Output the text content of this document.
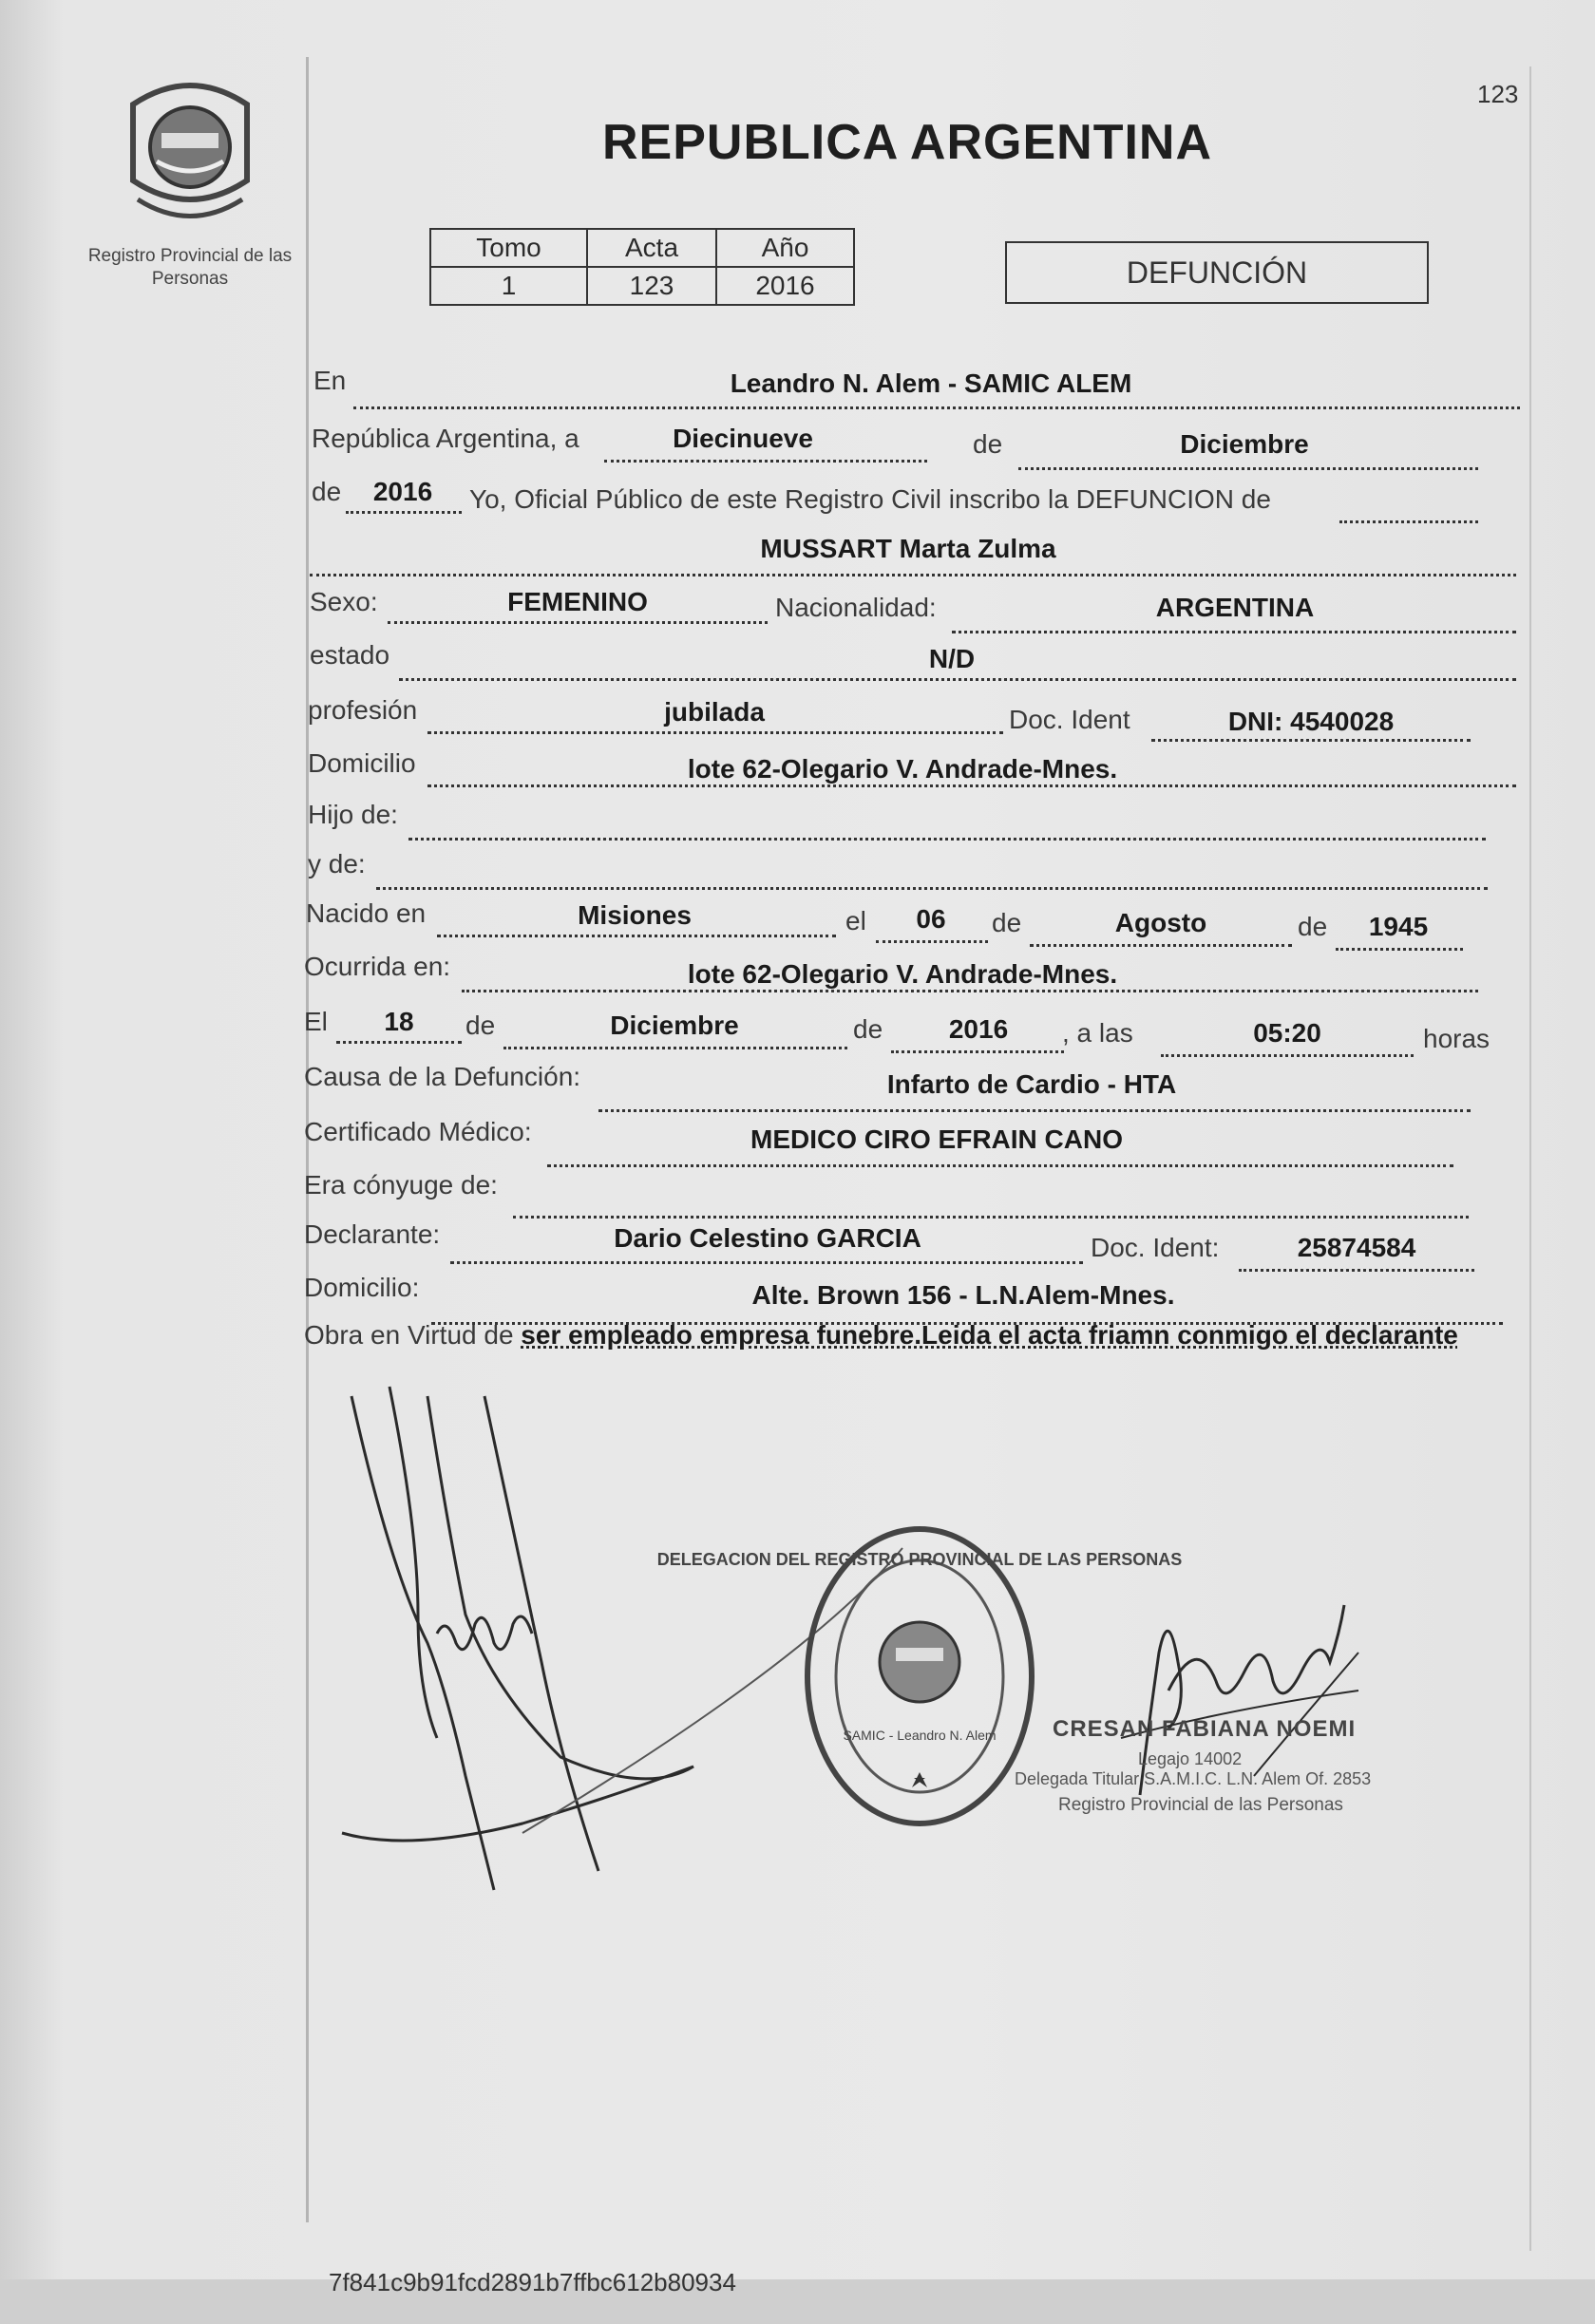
Registro Provincial de las Personas
123
REPUBLICA ARGENTINA
Tomo	Acta	Año
1	123	2016	DEFUNCIÓN
En	Leandro N. Alem - SAMIC ALEM
República Argentina, a	Diecinueve	de	Diciembre
de 2016 Yo, Oficial Público de este Registro Civil inscribo la DEFUNCION de
MUSSART Marta Zulma
Sexo:	FEMENINO	Nacionalidad:	ARGENTINA
estado	N/D
profesión	jubilada	Doc. Ident	DNI: 4540028
Domicilio	lote 62-Olegario V. Andrade-Mnes.
Hijo de:
y de:
Nacido en	Misiones	el 06 de	Agosto	de 1945
Ocurrida en:	lote 62-Olegario V. Andrade-Mnes.
El 18 de	Diciembre	de 2016 , a las	05:20	horas
Causa de la Defunción:	Infarto de Cardio - HTA
Certificado Médico:	MEDICO CIRO EFRAIN CANO
Era cónyuge de:
Declarante:	Dario Celestino GARCIA	Doc. Ident:	25874584
Domicilio:	Alte. Brown 156 - L.N.Alem-Mnes.
Obra en Virtud de ser empleado empresa funebre.Leida el acta friamn conmigo el declarante
DELEGACION DEL REGISTRO PROVINCIAL DE LAS PERSONAS
SAMIC - Leandro N. Alem CRESAN FABIANA NOEMI
Legajo 14002
Delegada Titular S.A.M.I.C. L.N. Alem Of. 2853
Registro Provincial de las Personas
7f841c9b91fcd2891b7ffbc612b80934
